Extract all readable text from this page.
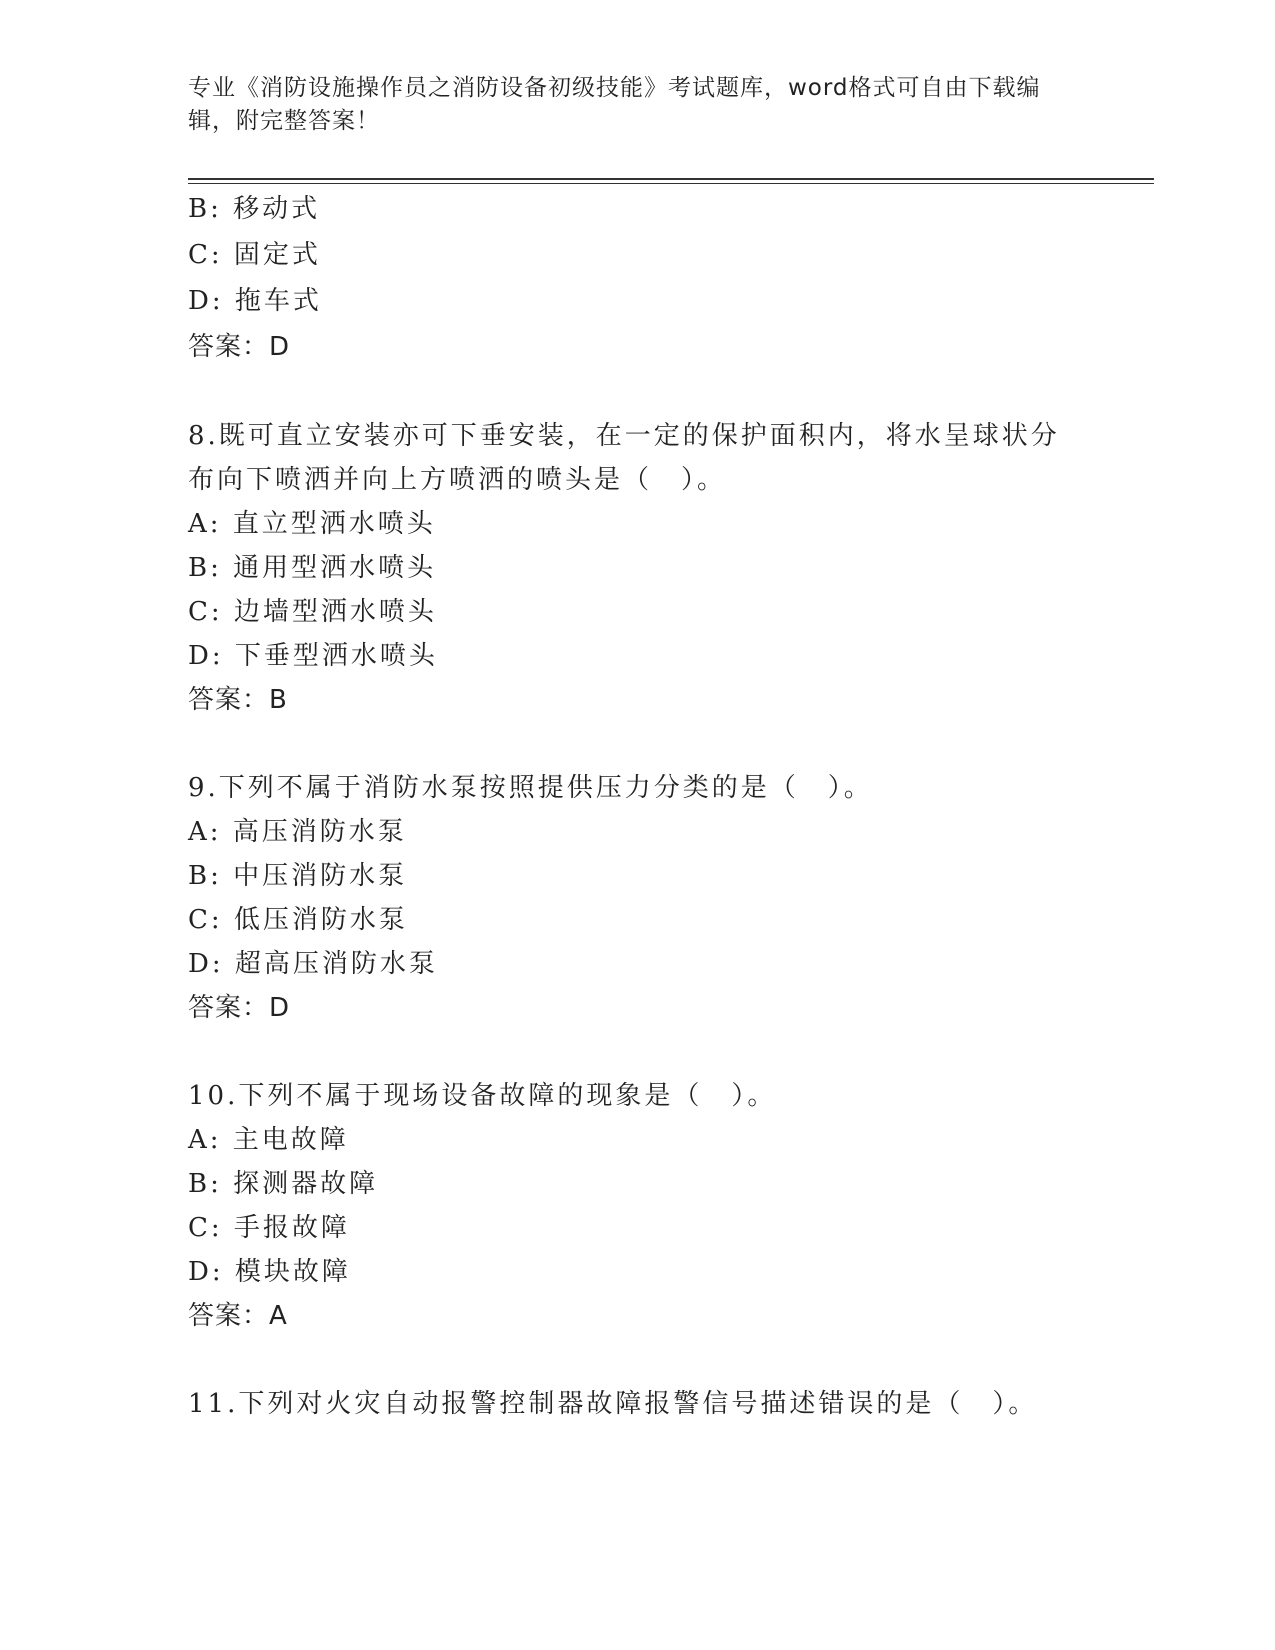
专业《消防设施操作员之消防设备初级技能》考试题库，word格式可自由下载编
辑，附完整答案！
B: 移动式
C: 固定式
D: 拖车式
答案：D
8.既可直立安装亦可下垂安装，在一定的保护面积内，将水呈球状分
布向下喷洒并向上方喷洒的喷头是（　）。
A: 直立型洒水喷头
B: 通用型洒水喷头
C: 边墙型洒水喷头
D: 下垂型洒水喷头
答案：B
9.下列不属于消防水泵按照提供压力分类的是（　）。
A: 高压消防水泵
B: 中压消防水泵
C: 低压消防水泵
D: 超高压消防水泵
答案：D
10.下列不属于现场设备故障的现象是（　）。
A: 主电故障
B: 探测器故障
C: 手报故障
D: 模块故障
答案：A
11.下列对火灾自动报警控制器故障报警信号描述错误的是（　）。
